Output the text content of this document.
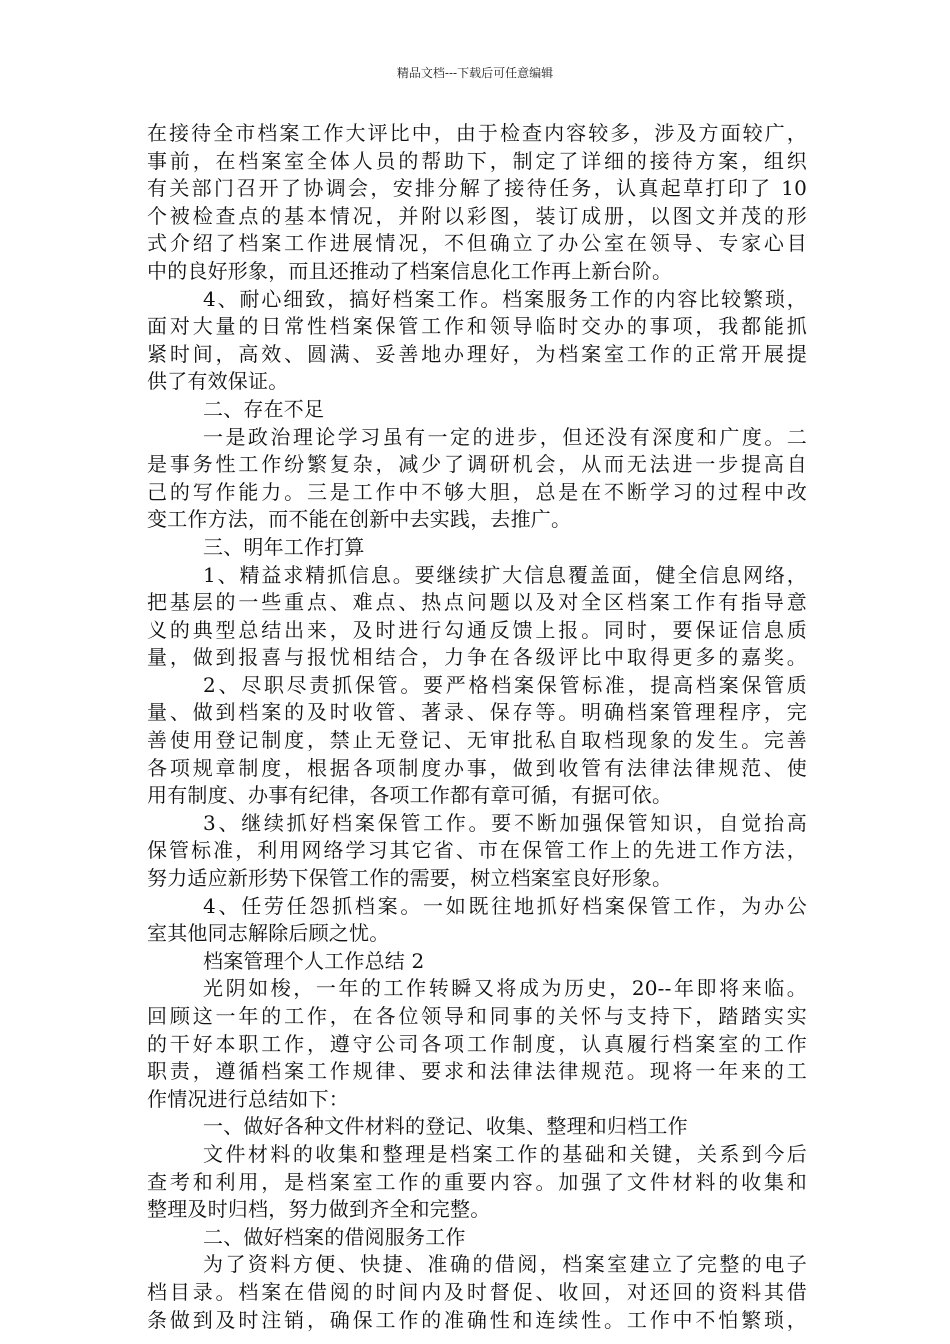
精品文档---下载后可任意编辑
在接待全市档案工作大评比中，由于检查内容较多，涉及方面较广，
事前，在档案室全体人员的帮助下，制定了详细的接待方案，组织
有关部门召开了协调会，安排分解了接待任务，认真起草打印了 10
个被检查点的基本情况，并附以彩图，装订成册，以图文并茂的形
式介绍了档案工作进展情况，不但确立了办公室在领导、专家心目
中的良好形象，而且还推动了档案信息化工作再上新台阶。
4、耐心细致，搞好档案工作。档案服务工作的内容比较繁琐，
面对大量的日常性档案保管工作和领导临时交办的事项，我都能抓
紧时间，高效、圆满、妥善地办理好，为档案室工作的正常开展提
供了有效保证。
二、存在不足
一是政治理论学习虽有一定的进步，但还没有深度和广度。二
是事务性工作纷繁复杂，减少了调研机会，从而无法进一步提高自
己的写作能力。三是工作中不够大胆，总是在不断学习的过程中改
变工作方法，而不能在创新中去实践，去推广。
三、明年工作打算
1、精益求精抓信息。要继续扩大信息覆盖面，健全信息网络，
把基层的一些重点、难点、热点问题以及对全区档案工作有指导意
义的典型总结出来，及时进行勾通反馈上报。同时，要保证信息质
量，做到报喜与报忧相结合，力争在各级评比中取得更多的嘉奖。
2、尽职尽责抓保管。要严格档案保管标准，提高档案保管质
量、做到档案的及时收管、著录、保存等。明确档案管理程序，完
善使用登记制度，禁止无登记、无审批私自取档现象的发生。完善
各项规章制度，根据各项制度办事，做到收管有法律法律规范、使
用有制度、办事有纪律，各项工作都有章可循，有据可依。
3、继续抓好档案保管工作。要不断加强保管知识，自觉抬高
保管标准，利用网络学习其它省、市在保管工作上的先进工作方法，
努力适应新形势下保管工作的需要，树立档案室良好形象。
4、任劳任怨抓档案。一如既往地抓好档案保管工作，为办公
室其他同志解除后顾之忧。
档案管理个人工作总结 2
光阴如梭，一年的工作转瞬又将成为历史，20--年即将来临。
回顾这一年的工作，在各位领导和同事的关怀与支持下，踏踏实实
的干好本职工作，遵守公司各项工作制度，认真履行档案室的工作
职责，遵循档案工作规律、要求和法律法律规范。现将一年来的工
作情况进行总结如下：
一、做好各种文件材料的登记、收集、整理和归档工作
文件材料的收集和整理是档案工作的基础和关键，关系到今后
查考和利用，是档案室工作的重要内容。加强了文件材料的收集和
整理及时归档，努力做到齐全和完整。
二、做好档案的借阅服务工作
为了资料方便、快捷、准确的借阅，档案室建立了完整的电子
档目录。档案在借阅的时间内及时督促、收回，对还回的资料其借
条做到及时注销，确保工作的准确性和连续性。工作中不怕繁琐，
